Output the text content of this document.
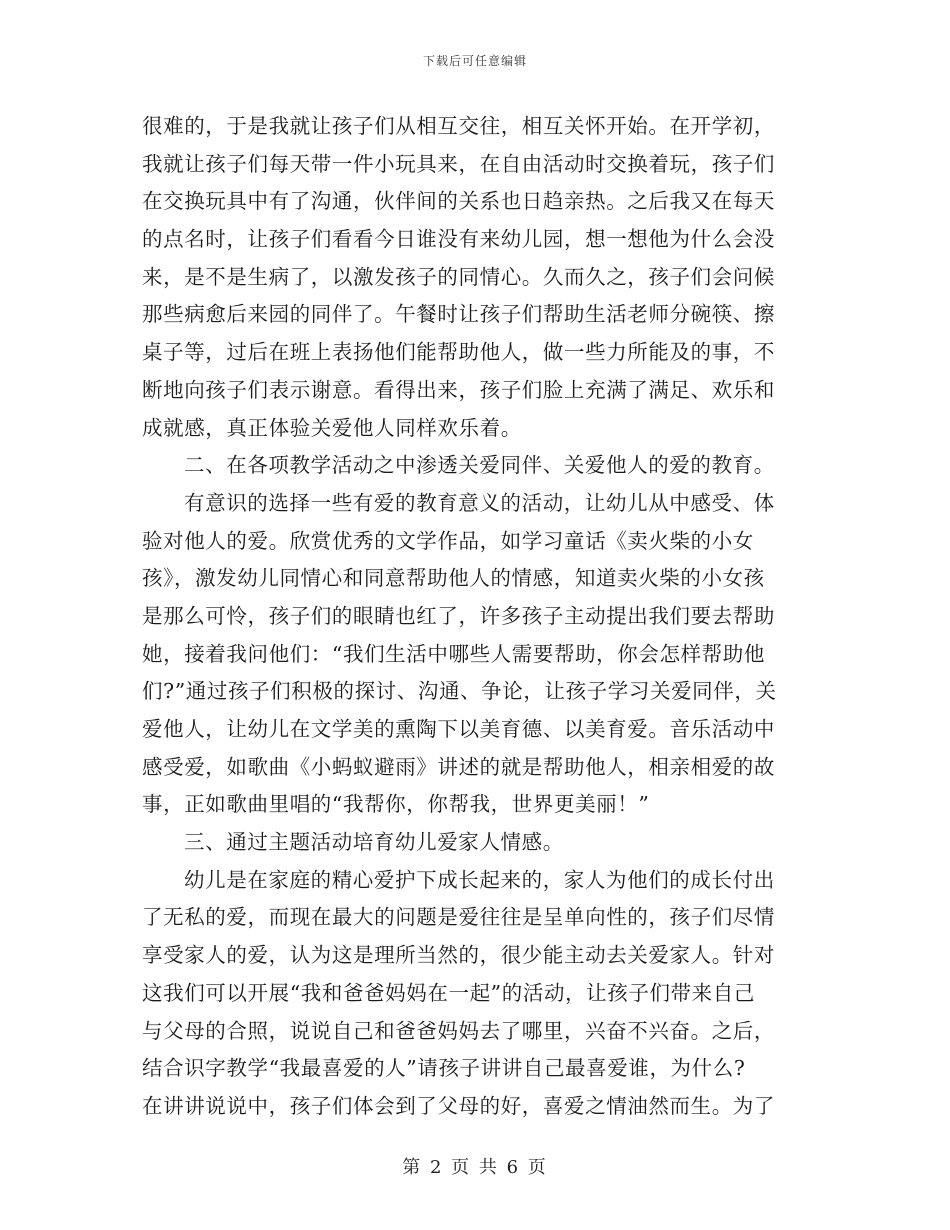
下载后可任意编辑
很难的，于是我就让孩子们从相互交往，相互关怀开始。在开学初，
我就让孩子们每天带一件小玩具来，在自由活动时交换着玩，孩子们
在交换玩具中有了沟通，伙伴间的关系也日趋亲热。之后我又在每天
的点名时，让孩子们看看今日谁没有来幼儿园，想一想他为什么会没
来，是不是生病了，以激发孩子的同情心。久而久之，孩子们会问候
那些病愈后来园的同伴了。午餐时让孩子们帮助生活老师分碗筷、擦
桌子等，过后在班上表扬他们能帮助他人，做一些力所能及的事，不
断地向孩子们表示谢意。看得出来，孩子们脸上充满了满足、欢乐和
成就感，真正体验关爱他人同样欢乐着。
二、在各项教学活动之中渗透关爱同伴、关爱他人的爱的教育。
有意识的选择一些有爱的教育意义的活动，让幼儿从中感受、体
验对他人的爱。欣赏优秀的文学作品，如学习童话《卖火柴的小女
孩》，激发幼儿同情心和同意帮助他人的情感，知道卖火柴的小女孩
是那么可怜，孩子们的眼睛也红了，许多孩子主动提出我们要去帮助
她，接着我问他们：“我们生活中哪些人需要帮助，你会怎样帮助他
们?”通过孩子们积极的探讨、沟通、争论，让孩子学习关爱同伴，关
爱他人，让幼儿在文学美的熏陶下以美育德、以美育爱。音乐活动中
感受爱，如歌曲《小蚂蚁避雨》讲述的就是帮助他人，相亲相爱的故
事，正如歌曲里唱的“我帮你，你帮我，世界更美丽！”
三、通过主题活动培育幼儿爱家人情感。
幼儿是在家庭的精心爱护下成长起来的，家人为他们的成长付出
了无私的爱，而现在最大的问题是爱往往是呈单向性的，孩子们尽情
享受家人的爱，认为这是理所当然的，很少能主动去关爱家人。针对
这我们可以开展“我和爸爸妈妈在一起”的活动，让孩子们带来自己
与父母的合照，说说自己和爸爸妈妈去了哪里，兴奋不兴奋。之后，
结合识字教学“我最喜爱的人”请孩子讲讲自己最喜爱谁，为什么?
在讲讲说说中，孩子们体会到了父母的好，喜爱之情油然而生。为了
第 2 页 共 6 页
